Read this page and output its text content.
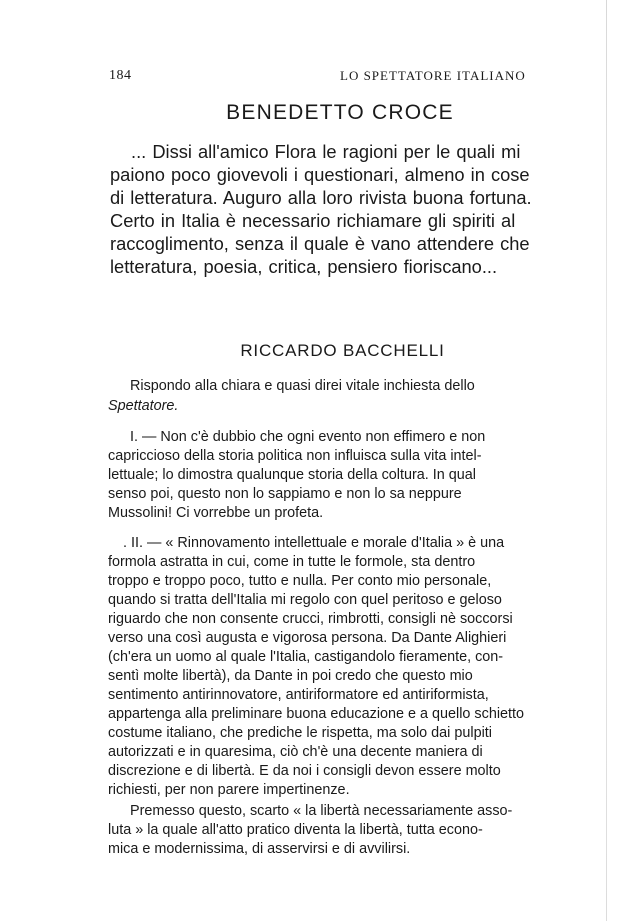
184	LO SPETTATORE ITALIANO
BENEDETTO CROCE
... Dissi all'amico Flora le ragioni per le quali mi
paiono poco giovevoli i questionari, almeno in cose
di letteratura. Auguro alla loro rivista buona fortuna.
Certo in Italia è necessario richiamare gli spiriti al
raccoglimento, senza il quale è vano attendere che
letteratura, poesia, critica, pensiero fioriscano...
RICCARDO BACCHELLI
Rispondo alla chiara e quasi direi vitale inchiesta dello
Spettatore.
I. — Non c'è dubbio che ogni evento non effimero e non
capriccioso della storia politica non influisca sulla vita intel-
lettuale; lo dimostra qualunque storia della coltura. In qual
senso poi, questo non lo sappiamo e non lo sa neppure
Mussolini! Ci vorrebbe un profeta.
. II. — « Rinnovamento intellettuale e morale d'Italia » è una
formola astratta in cui, come in tutte le formole, sta dentro
troppo e troppo poco, tutto e nulla. Per conto mio personale,
quando si tratta dell'Italia mi regolo con quel peritoso e geloso
riguardo che non consente crucci, rimbrotti, consigli nè soccorsi
verso una così augusta e vigorosa persona. Da Dante Alighieri
(ch'era un uomo al quale l'Italia, castigandolo fieramente, con-
sentì molte libertà), da Dante in poi credo che questo mio
sentimento antirinnovatore, antiriformatore ed antiriformista,
appartenga alla preliminare buona educazione e a quello schietto
costume italiano, che prediche le rispetta, ma solo dai pulpiti
autorizzati e in quaresima, ciò ch'è una decente maniera di
discrezione e di libertà. E da noi i consigli devon essere molto
richiesti, per non parere impertinenze.
Premesso questo, scarto « la libertà necessariamente asso-
luta » la quale all'atto pratico diventa la libertà, tutta econo-
mica e modernissima, di asservirsi e di avvilirsi.
